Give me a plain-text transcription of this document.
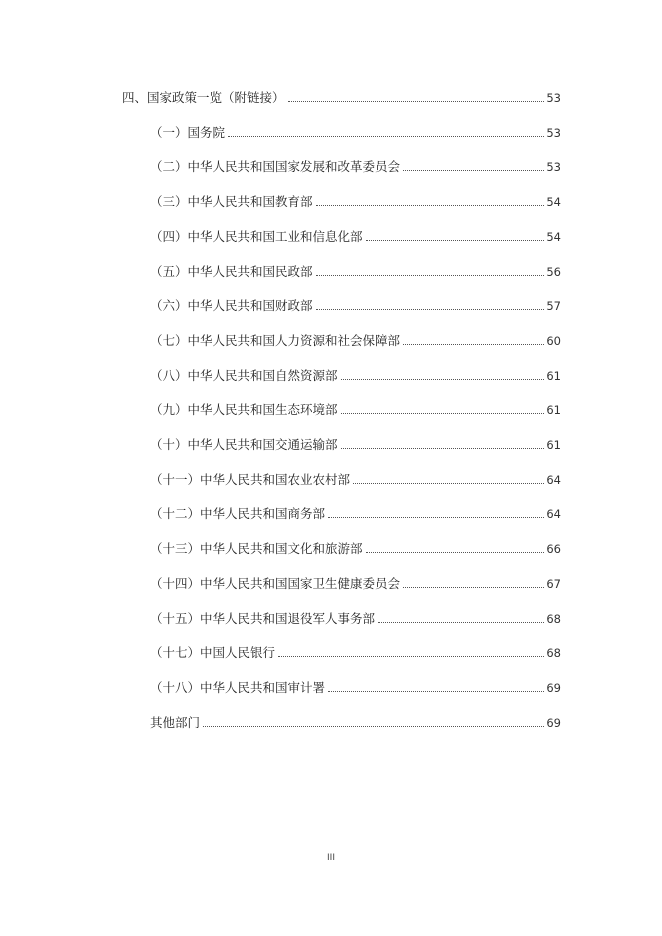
四、国家政策一览（附链接）	53
（一）国务院	53
（二）中华人民共和国国家发展和改革委员会	53
（三）中华人民共和国教育部	54
（四）中华人民共和国工业和信息化部	54
（五）中华人民共和国民政部	56
（六）中华人民共和国财政部	57
（七）中华人民共和国人力资源和社会保障部	60
（八）中华人民共和国自然资源部	61
（九）中华人民共和国生态环境部	61
（十）中华人民共和国交通运输部	61
（十一）中华人民共和国农业农村部	64
（十二）中华人民共和国商务部	64
（十三）中华人民共和国文化和旅游部	66
（十四）中华人民共和国国家卫生健康委员会	67
（十五）中华人民共和国退役军人事务部	68
（十七）中国人民银行	68
（十八）中华人民共和国审计署	69
其他部门	69
III
